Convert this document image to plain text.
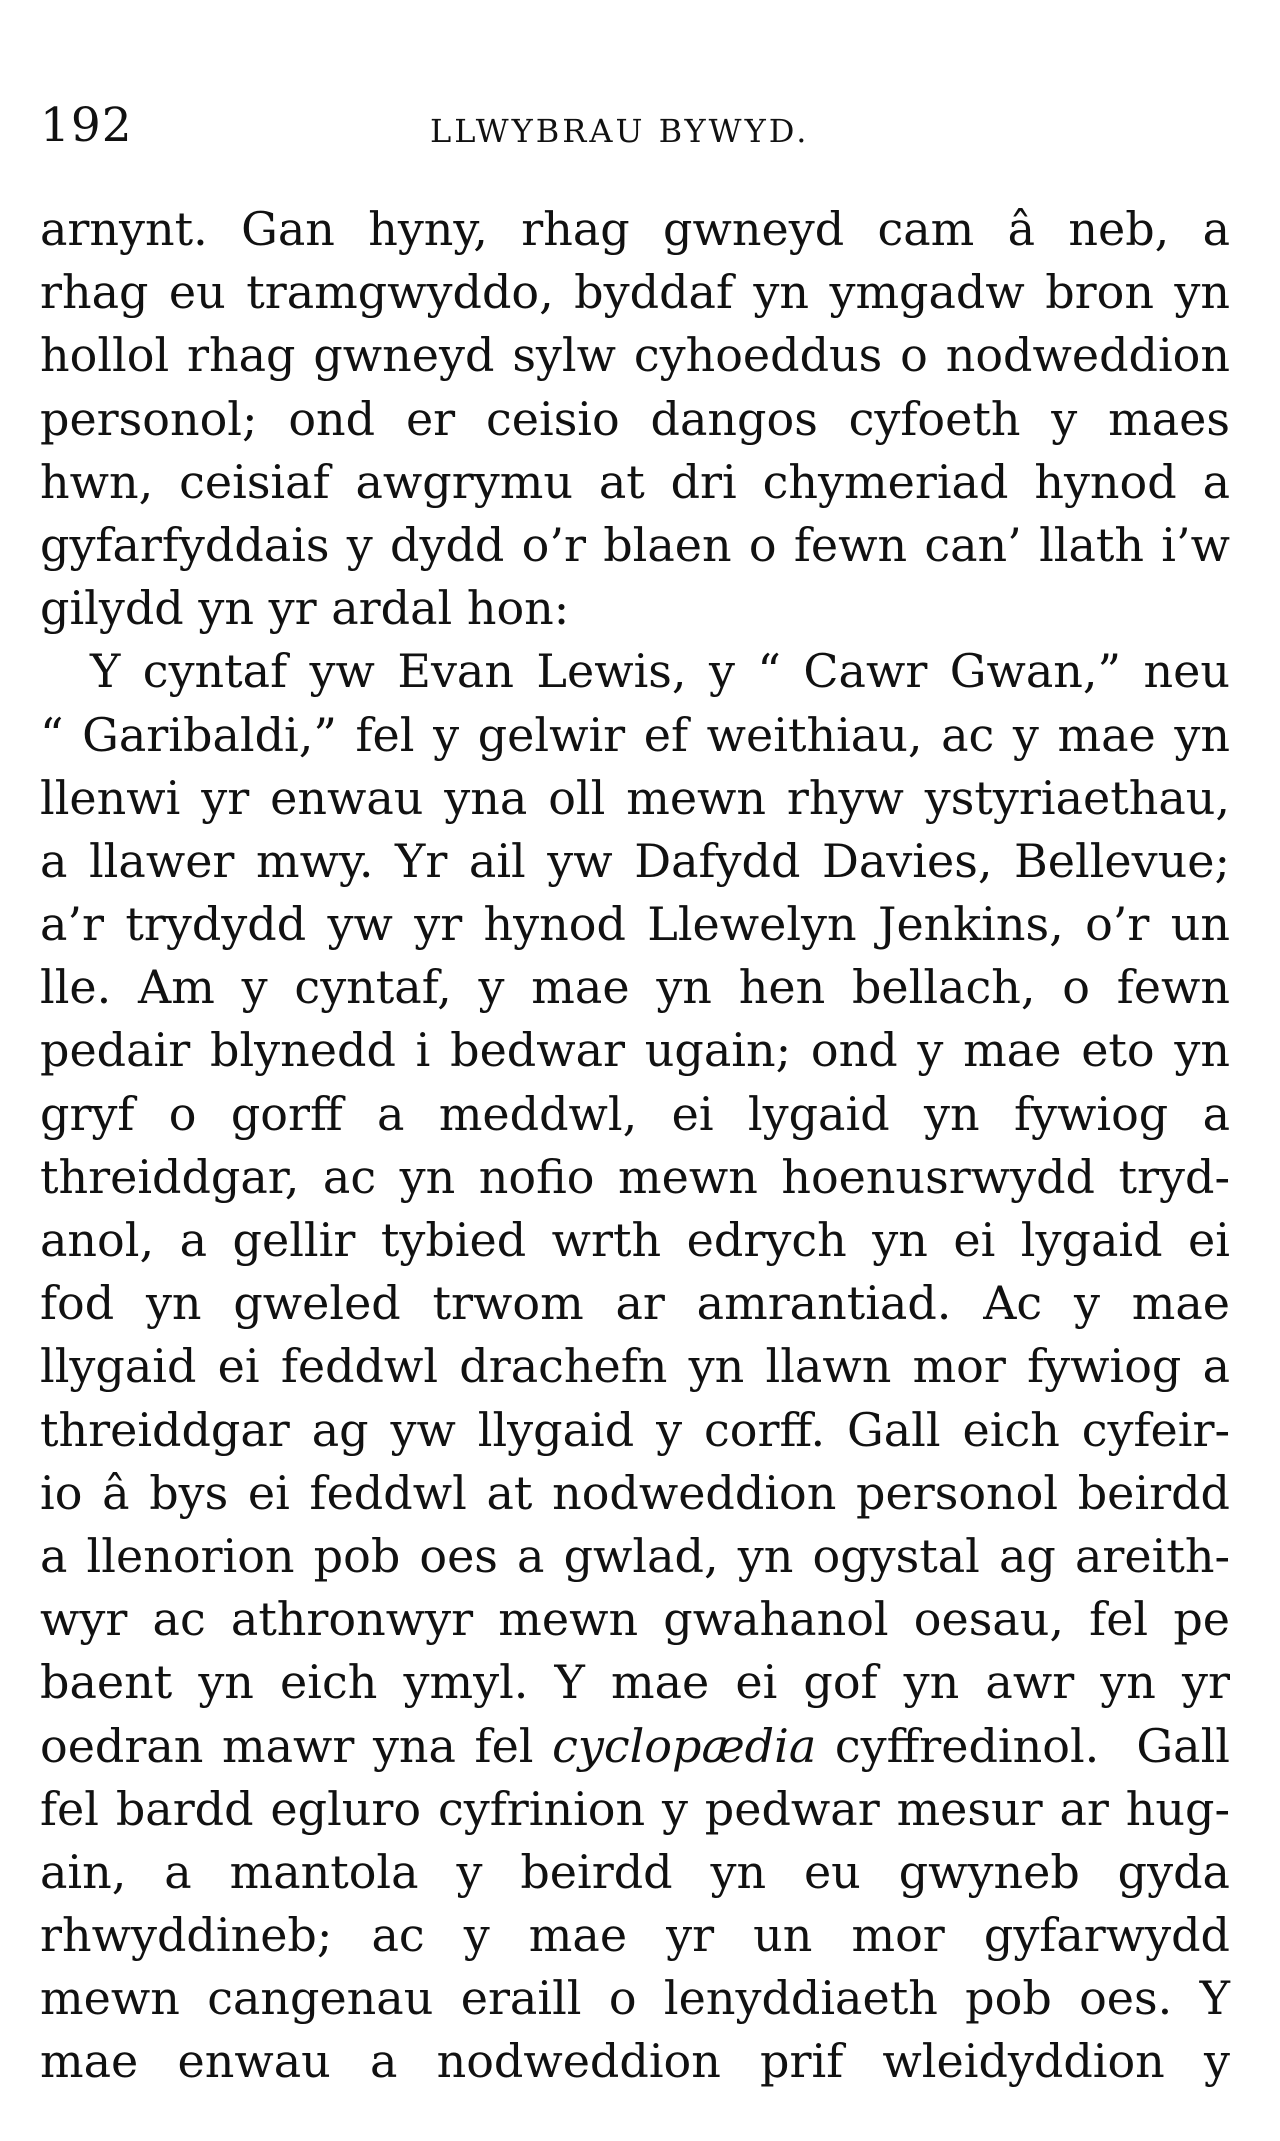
192	LLWYBRAU BYWYD.
arnynt. Gan hyny, rhag gwneyd cam â neb, a
rhag eu tramgwyddo, byddaf yn ymgadw bron yn
hollol rhag gwneyd sylw cyhoeddus o nodweddion
personol; ond er ceisio dangos cyfoeth y maes
hwn, ceisiaf awgrymu at dri chymeriad hynod a
gyfarfyddais y dydd o’r blaen o fewn can’ llath i’w
gilydd yn yr ardal hon:
Y cyntaf yw Evan Lewis, y “ Cawr Gwan,” neu
“ Garibaldi,” fel y gelwir ef weithiau, ac y mae yn
llenwi yr enwau yna oll mewn rhyw ystyriaethau,
a llawer mwy. Yr ail yw Dafydd Davies, Bellevue;
a’r trydydd yw yr hynod Llewelyn Jenkins, o’r un
lle. Am y cyntaf, y mae yn hen bellach, o fewn
pedair blynedd i bedwar ugain; ond y mae eto yn
gryf o gorff a meddwl, ei lygaid yn fywiog a
threiddgar, ac yn nofio mewn hoenusrwydd tryd-
anol, a gellir tybied wrth edrych yn ei lygaid ei
fod yn gweled trwom ar amrantiad. Ac y mae
llygaid ei feddwl drachefn yn llawn mor fywiog a
threiddgar ag yw llygaid y corff. Gall eich cyfeir-
io â bys ei feddwl at nodweddion personol beirdd
a llenorion pob oes a gwlad, yn ogystal ag areith-
wyr ac athronwyr mewn gwahanol oesau, fel pe
baent yn eich ymyl. Y mae ei gof yn awr yn yr
oedran mawr yna fel cyclopædia cyffredinol.  Gall
fel bardd egluro cyfrinion y pedwar mesur ar hug-
ain, a mantola y beirdd yn eu gwyneb gyda
rhwyddineb; ac y mae yr un mor gyfarwydd
mewn cangenau eraill o lenyddiaeth pob oes. Y
mae enwau a nodweddion prif wleidyddion y
